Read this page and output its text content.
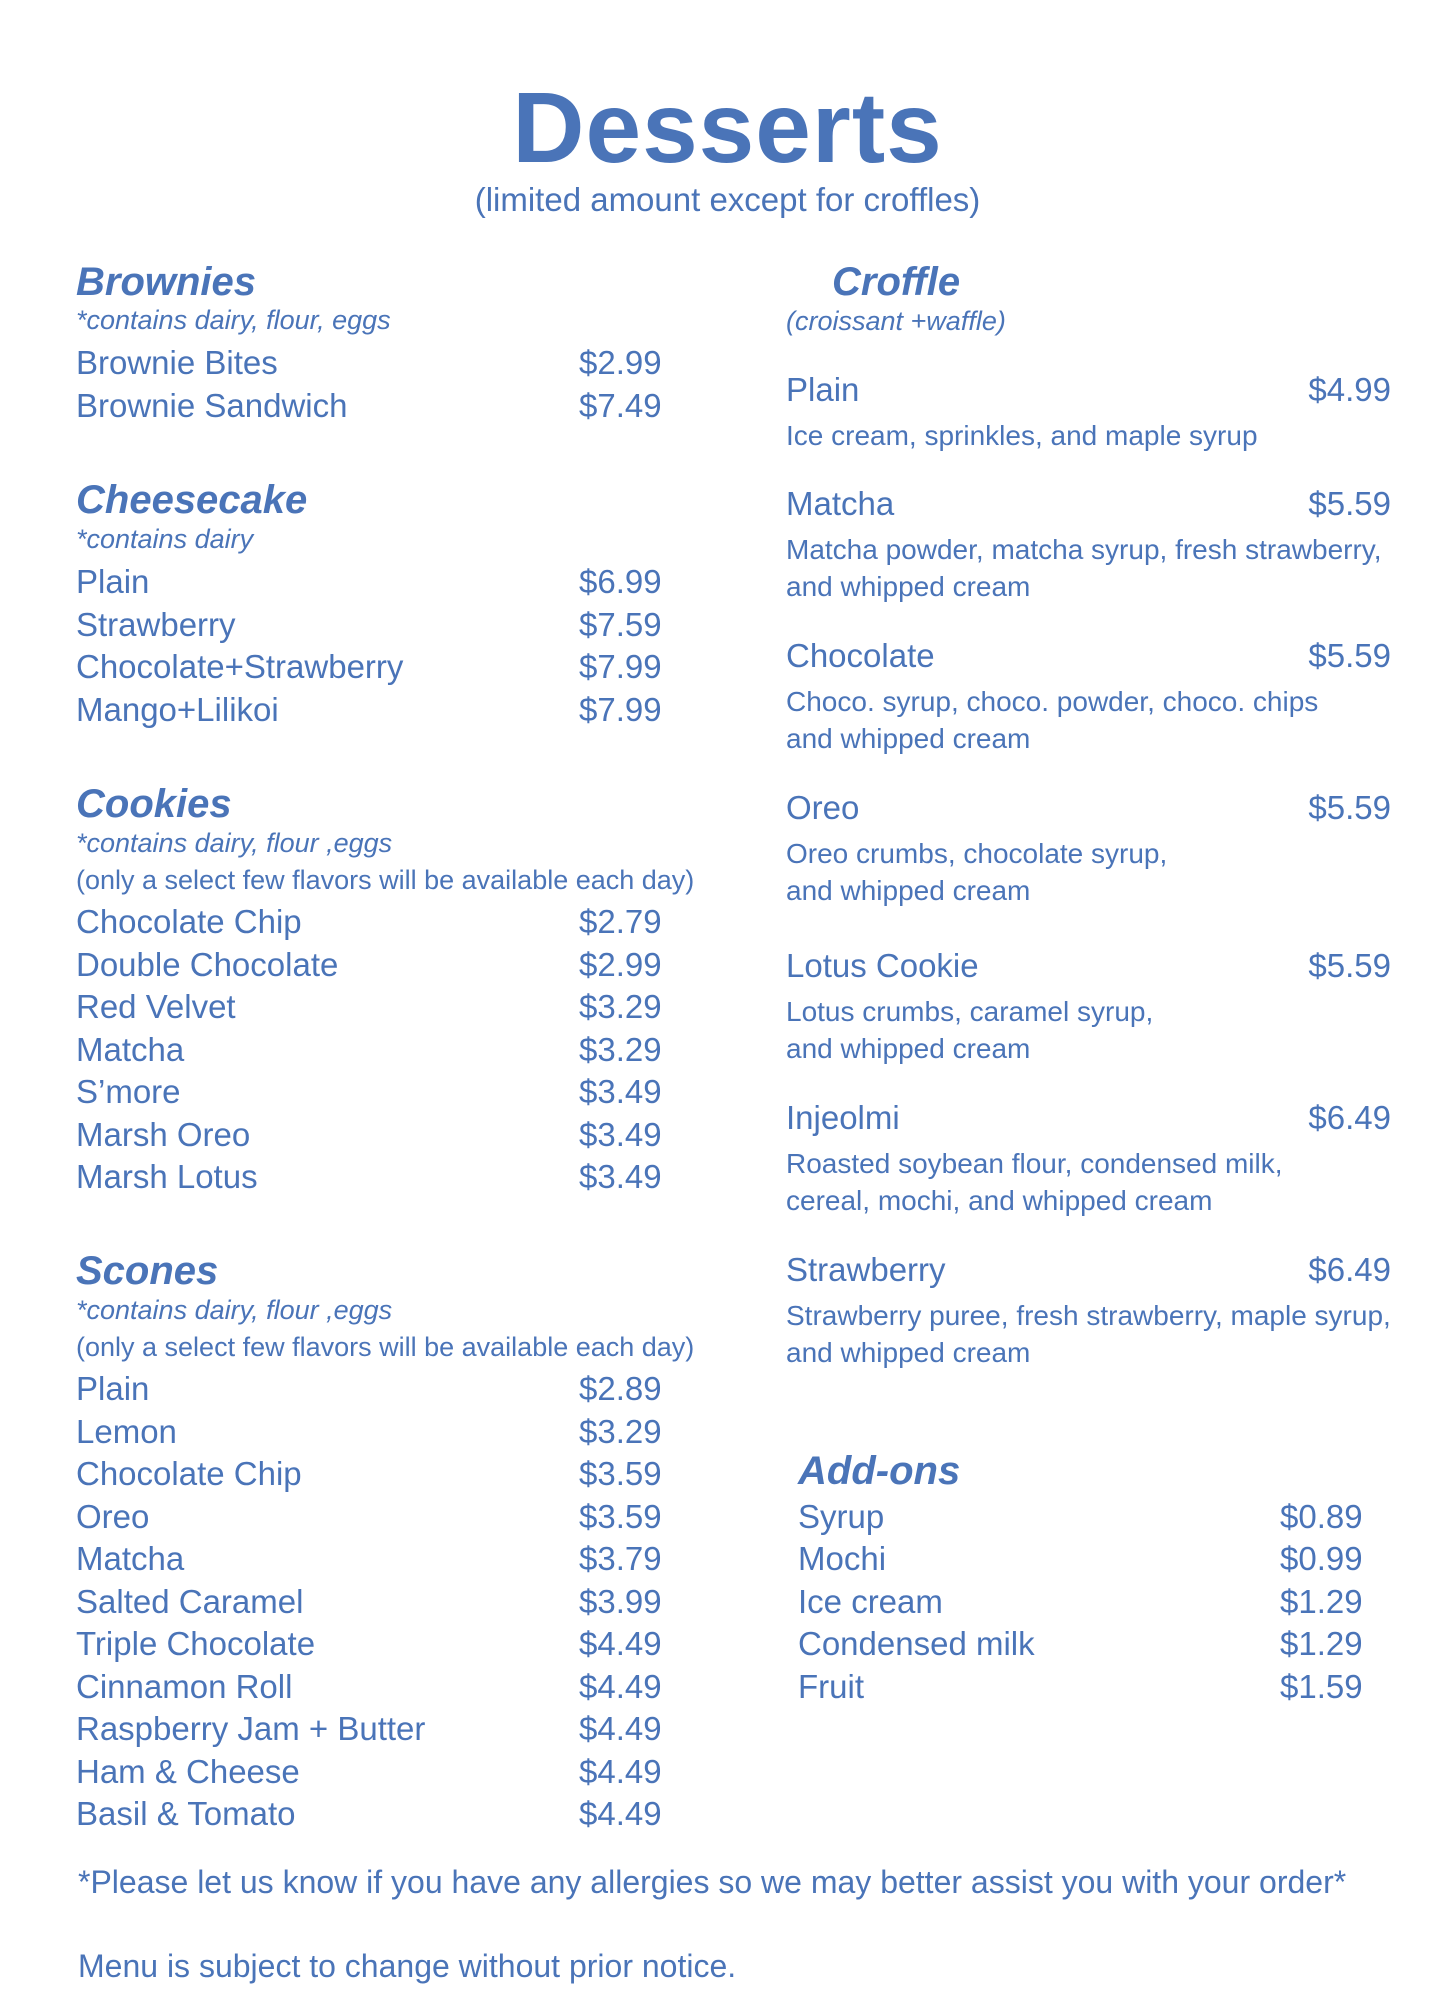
Desserts
(limited amount except for croffles)
Brownies
*contains dairy, flour, eggs
Brownie Bites	$2.99
Brownie Sandwich	$7.49
Cheesecake
*contains dairy
Plain	$6.99
Strawberry	$7.59
Chocolate+Strawberry	$7.99
Mango+Lilikoi	$7.99
Cookies
*contains dairy, flour ,eggs
(only a select few flavors will be available each day)
Chocolate Chip	$2.79
Double Chocolate	$2.99
Red Velvet	$3.29
Matcha	$3.29
S’more	$3.49
Marsh Oreo	$3.49
Marsh Lotus	$3.49
Scones
*contains dairy, flour ,eggs
(only a select few flavors will be available each day)
Plain	$2.89
Lemon	$3.29
Chocolate Chip	$3.59
Oreo	$3.59
Matcha	$3.79
Salted Caramel	$3.99
Triple Chocolate	$4.49
Cinnamon Roll	$4.49
Raspberry Jam + Butter	$4.49
Ham & Cheese	$4.49
Basil & Tomato	$4.49
Croffle
(croissant +waffle)
Plain	$4.99
Ice cream, sprinkles, and maple syrup
Matcha	$5.59
Matcha powder, matcha syrup, fresh strawberry,
and whipped cream
Chocolate	$5.59
Choco. syrup, choco. powder, choco. chips
and whipped cream
Oreo	$5.59
Oreo crumbs, chocolate syrup,
and whipped cream
Lotus Cookie	$5.59
Lotus crumbs, caramel syrup,
and whipped cream
Injeolmi	$6.49
Roasted soybean flour, condensed milk,
cereal, mochi, and whipped cream
Strawberry	$6.49
Strawberry puree, fresh strawberry, maple syrup,
and whipped cream
Add-ons
Syrup	$0.89
Mochi	$0.99
Ice cream	$1.29
Condensed milk	$1.29
Fruit	$1.59
*Please let us know if you have any allergies so we may better assist you with your order*
Menu is subject to change without prior notice.
